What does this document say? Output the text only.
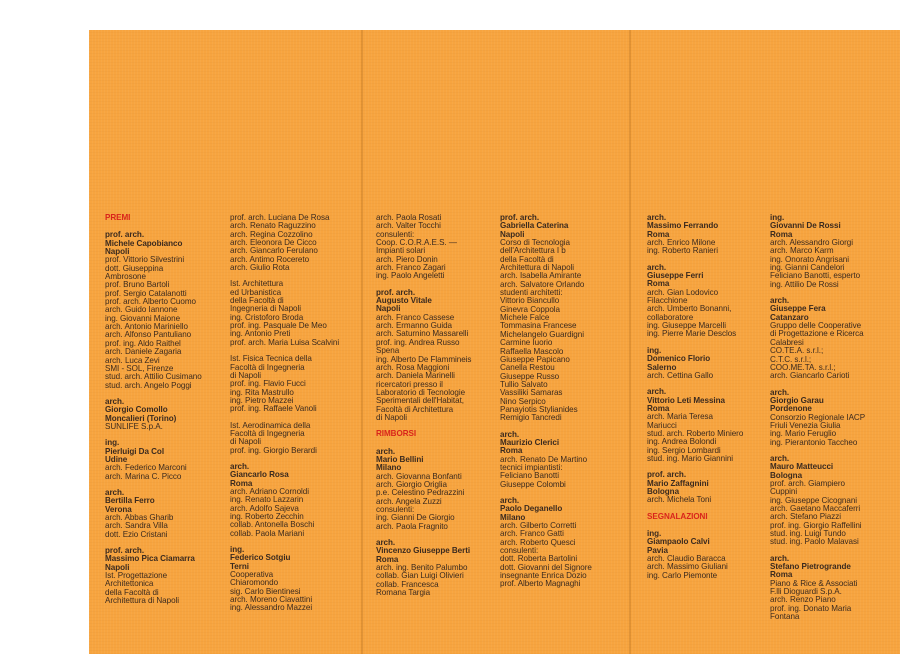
PREMI
prof. arch.
Michele Capobianco
Napoli
prof. Vittorio Silvestrini
dott. Giuseppina
Ambrosone
prof. Bruno Bartoli
prof. Sergio Catalanotti
prof. arch. Alberto Cuomo
arch. Guido Iannone
ing. Giovanni Maione
arch. Antonio Mariniello
arch. Alfonso Pantuliano
prof. ing. Aldo Raithel
arch. Daniele Zagaria
arch. Luca Zevi
SMI - SOL, Firenze
stud. arch. Attilio Cusimano
stud. arch. Angelo Poggi
arch.
Giorgio Comollo
Moncalieri (Torino)
SUNLIFE S.p.A.
ing.
Pierluigi Da Col
Udine
arch. Federico Marconi
arch. Marina C. Picco
arch.
Bertilla Ferro
Verona
arch. Abbas Gharib
arch. Sandra Villa
dott. Ezio Cristani
prof. arch.
Massimo Pica Ciamarra
Napoli
Ist. Progettazione
Architettonica
della Facoltà di
Architettura di Napoli
prof. arch. Luciana De Rosa
arch. Renato Raguzzino
arch. Regina Cozzolino
arch. Eleonora De Cicco
arch. Giancarlo Ferulano
arch. Antimo Rocereto
arch. Giulio Rota
Ist. Architettura
ed Urbanistica
della Facoltà di
Ingegneria di Napoli
ing. Cristoforo Broda
prof. ing. Pasquale De Meo
ing. Antonio Preti
prof. arch. Maria Luisa Scalvini
Ist. Fisica Tecnica della
Facoltà di Ingegneria
di Napoli
prof. ing. Flavio Fucci
ing. Rita Mastrullo
ing. Pietro Mazzei
prof. ing. Raffaele Vanoli
Ist. Aerodinamica della
Facoltà di Ingegneria
di Napoli
prof. ing. Giorgio Berardi
arch.
Giancarlo Rosa
Roma
arch. Adriano Cornoldi
ing. Renato Lazzarin
arch. Adolfo Sajeva
ing. Roberto Zecchin
collab. Antonella Boschi
collab. Paola Mariani
ing.
Federico Sotgiu
Terni
Cooperativa
Chiaromondo
sig. Carlo Bientinesi
arch. Moreno Ciavattini
ing. Alessandro Mazzei
arch. Paola Rosati
arch. Valter Tocchi
consulenti:
Coop. C.O.R.A.E.S. —
Impianti solari
arch. Piero Donin
arch. Franco Zagari
ing. Paolo Angeletti
prof. arch.
Augusto Vitale
Napoli
arch. Franco Cassese
arch. Ermanno Guida
arch. Saturnino Massarelli
prof. ing. Andrea Russo
Spena
ing. Alberto De Flammineis
arch. Rosa Maggioni
arch. Daniela Marinelli
ricercatori presso il
Laboratorio di Tecnologie
Sperimentali dell'Habitat,
Facoltà di Architettura
di Napoli
RIMBORSI
arch.
Mario Bellini
Milano
arch. Giovanna Bonfanti
arch. Giorgio Origlia
p.e. Celestino Pedrazzini
arch. Angela Zuzzi
consulenti:
ing. Gianni De Giorgio
arch. Paola Fragnito
arch.
Vincenzo Giuseppe Berti
Roma
arch. ing. Benito Palumbo
collab. Gian Luigi Olivieri
collab. Francesca
Romana Targia
prof. arch.
Gabriella Caterina
Napoli
Corso di Tecnologia
dell'Architettura I b
della Facoltà di
Architettura di Napoli
arch. Isabella Amirante
arch. Salvatore Orlando
studenti architetti:
Vittorio Biancullo
Ginevra Coppola
Michele Falce
Tommasina Francese
Michelangelo Guardigni
Carmine Iuorio
Raffaella Mascolo
Giuseppe Papicano
Canella Restou
Giuseppe Russo
Tullio Salvato
Vassiliki Samaras
Nino Serpico
Panayiotis Stylianides
Remigio Tancredi
arch.
Maurizio Clerici
Roma
arch. Renato De Martino
tecnici impiantisti:
Feliciano Banotti
Giuseppe Colombi
arch.
Paolo Deganello
Milano
arch. Gilberto Corretti
arch. Franco Gatti
arch. Roberto Quesci
consulenti:
dott. Roberta Bartolini
dott. Giovanni del Signore
insegnante Enrica Dozio
prof. Alberto Magnaghi
arch.
Massimo Ferrando
Roma
arch. Enrico Milone
ing. Roberto Ranieri
arch.
Giuseppe Ferri
Roma
arch. Gian Lodovico
Filacchione
arch. Umberto Bonanni,
collaboratore
ing. Giuseppe Marcelli
ing. Pierre Marie Desclos
ing.
Domenico Florio
Salerno
arch. Cettina Gallo
arch.
Vittorio Leti Messina
Roma
arch. Maria Teresa
Mariucci
stud. arch. Roberto Miniero
ing. Andrea Bolondi
ing. Sergio Lombardi
stud. ing. Mario Giannini
prof. arch.
Mario Zaffagnini
Bologna
arch. Michela Toni
SEGNALAZIONI
ing.
Giampaolo Calvi
Pavia
arch. Claudio Baracca
arch. Massimo Giuliani
ing. Carlo Piemonte
ing.
Giovanni De Rossi
Roma
arch. Alessandro Giorgi
arch. Marco Karm
ing. Onorato Angrisani
ing. Gianni Candelori
Feliciano Banotti, esperto
ing. Attilio De Rossi
arch.
Giuseppe Fera
Catanzaro
Gruppo delle Cooperative
di Progettazione e Ricerca
Calabresi
CO.TE.A. s.r.l.;
C.T.C. s.r.l.;
COO.ME.TA. s.r.l.;
arch. Giancarlo Carioti
arch.
Giorgio Garau
Pordenone
Consorzio Regionale IACP
Friuli Venezia Giulia
ing. Mario Feruglio
ing. Pierantonio Taccheo
arch.
Mauro Matteucci
Bologna
prof. arch. Giampiero
Cuppini
ing. Giuseppe Cicognani
arch. Gaetano Maccaferri
arch. Stefano Piazzi
prof. ing. Giorgio Raffellini
stud. ing. Luigi Tundo
stud. ing. Paolo Malavasi
arch.
Stefano Pietrogrande
Roma
Piano & Rice & Associati
F.lli Dioguardi S.p.A.
arch. Renzo Piano
prof. ing. Donato Maria
Fontana
